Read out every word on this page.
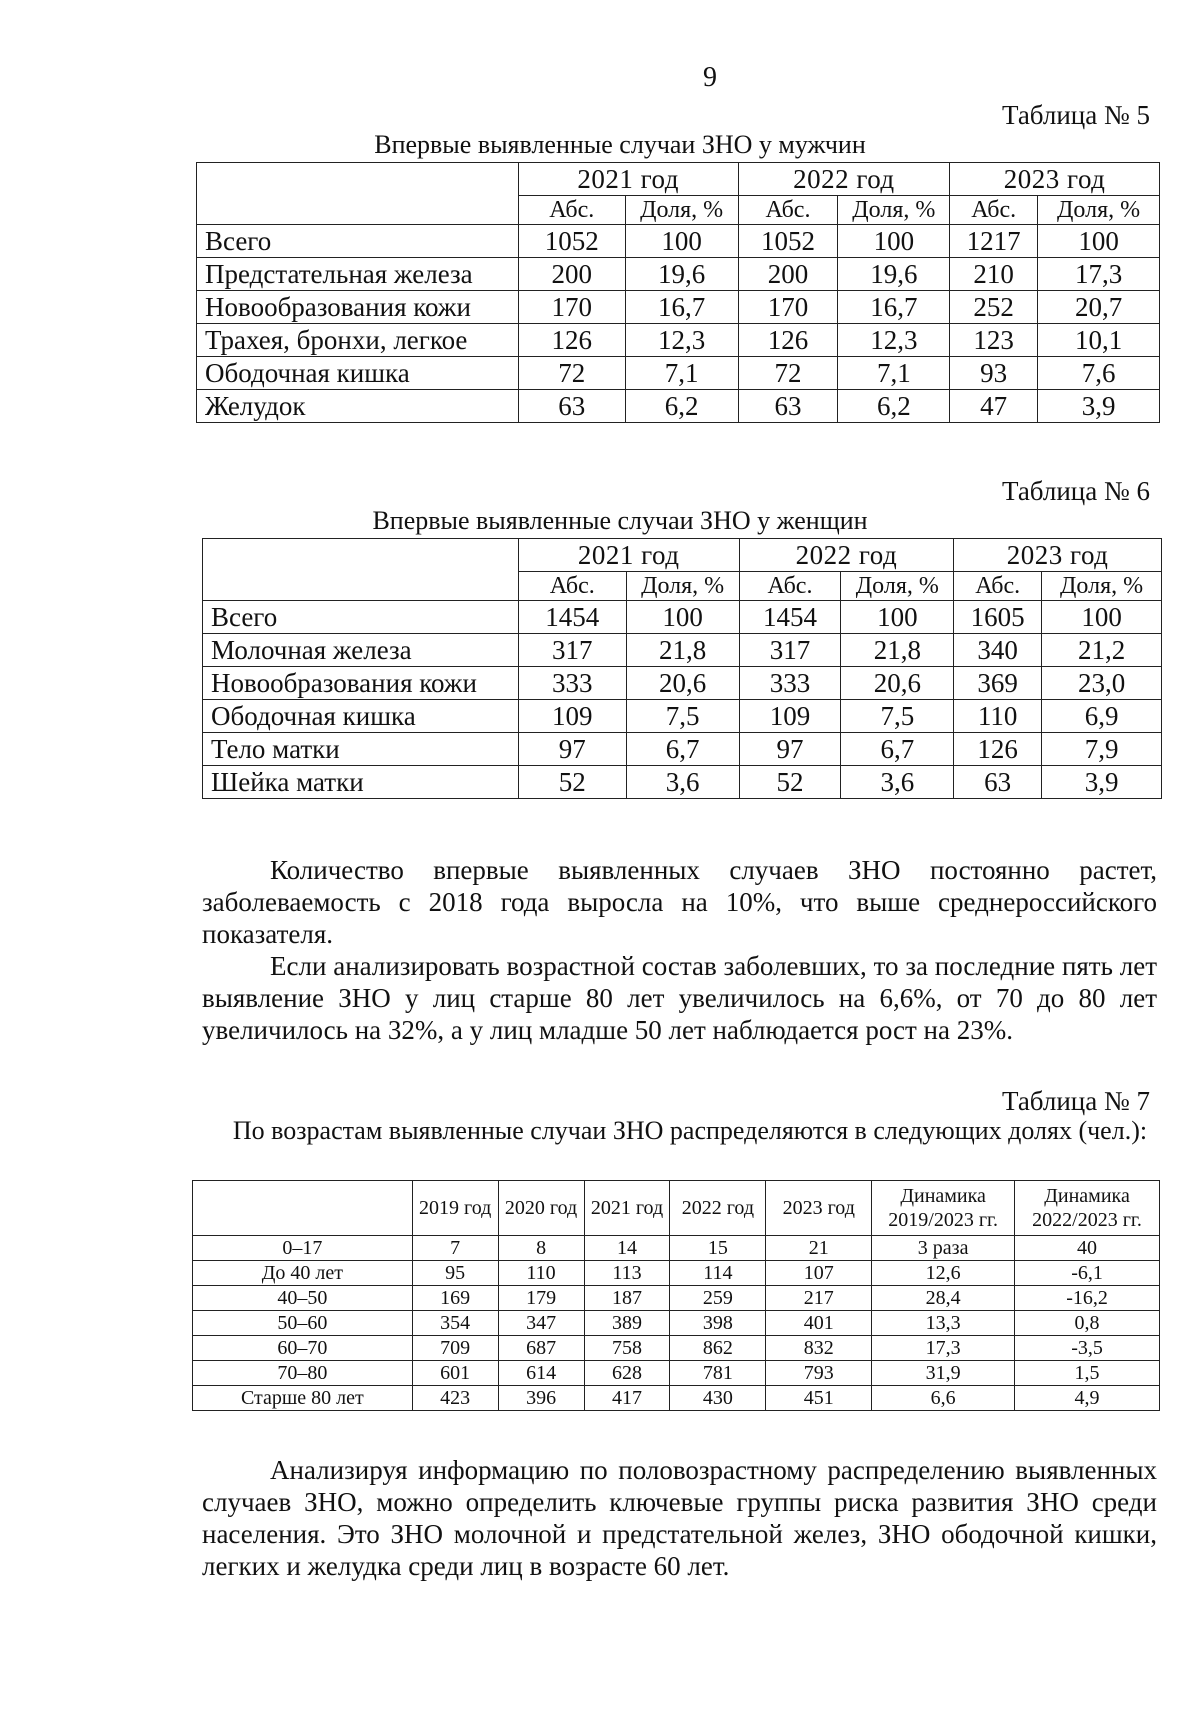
9
Таблица № 5
Впервые выявленные случаи ЗНО у мужчин
	2021 год		2022 год		2023 год	
	Абс.	Доля, %	Абс.	Доля, %	Абс.	Доля, %
Всего	1052	100	1052	100	1217	100
Предстательная железа	200	19,6	200	19,6	210	17,3
Новообразования кожи	170	16,7	170	16,7	252	20,7
Трахея, бронхи, легкое	126	12,3	126	12,3	123	10,1
Ободочная кишка	72	7,1	72	7,1	93	7,6
Желудок	63	6,2	63	6,2	47	3,9
Таблица № 6
Впервые выявленные случаи ЗНО у женщин
	2021 год		2022 год		2023 год	
	Абс.	Доля, %	Абс.	Доля, %	Абс.	Доля, %
Всего	1454	100	1454	100	1605	100
Молочная железа	317	21,8	317	21,8	340	21,2
Новообразования кожи	333	20,6	333	20,6	369	23,0
Ободочная кишка	109	7,5	109	7,5	110	6,9
Тело матки	97	6,7	97	6,7	126	7,9
Шейка матки	52	3,6	52	3,6	63	3,9

Количество впервые выявленных случаев ЗНО постоянно растет, заболеваемость с 2018 года выросла на 10%, что выше среднероссийского показателя.

Если анализировать возрастной состав заболевших, то за последние пять лет выявление ЗНО у лиц старше 80 лет увеличилось на 6,6%, от 70 до 80 лет увеличилось на 32%, а у лиц младше 50 лет наблюдается рост на 23%.

Таблица № 7
По возрастам выявленные случаи ЗНО распределяются в следующих долях (чел.):
	2019 год	2020 год	2021 год	2022 год	2023 год	Динамика 2019/2023 гг.	Динамика 2022/2023 гг.
0–17	7	8	14	15	21	3 раза	40
До 40 лет	95	110	113	114	107	12,6	-6,1
40–50	169	179	187	259	217	28,4	-16,2
50–60	354	347	389	398	401	13,3	0,8
60–70	709	687	758	862	832	17,3	-3,5
70–80	601	614	628	781	793	31,9	1,5
Старше 80 лет	423	396	417	430	451	6,6	4,9

Анализируя информацию по половозрастному распределению выявленных случаев ЗНО, можно определить ключевые группы риска развития ЗНО среди населения. Это ЗНО молочной и предстательной желез, ЗНО ободочной кишки, легких и желудка среди лиц в возрасте 60 лет.
